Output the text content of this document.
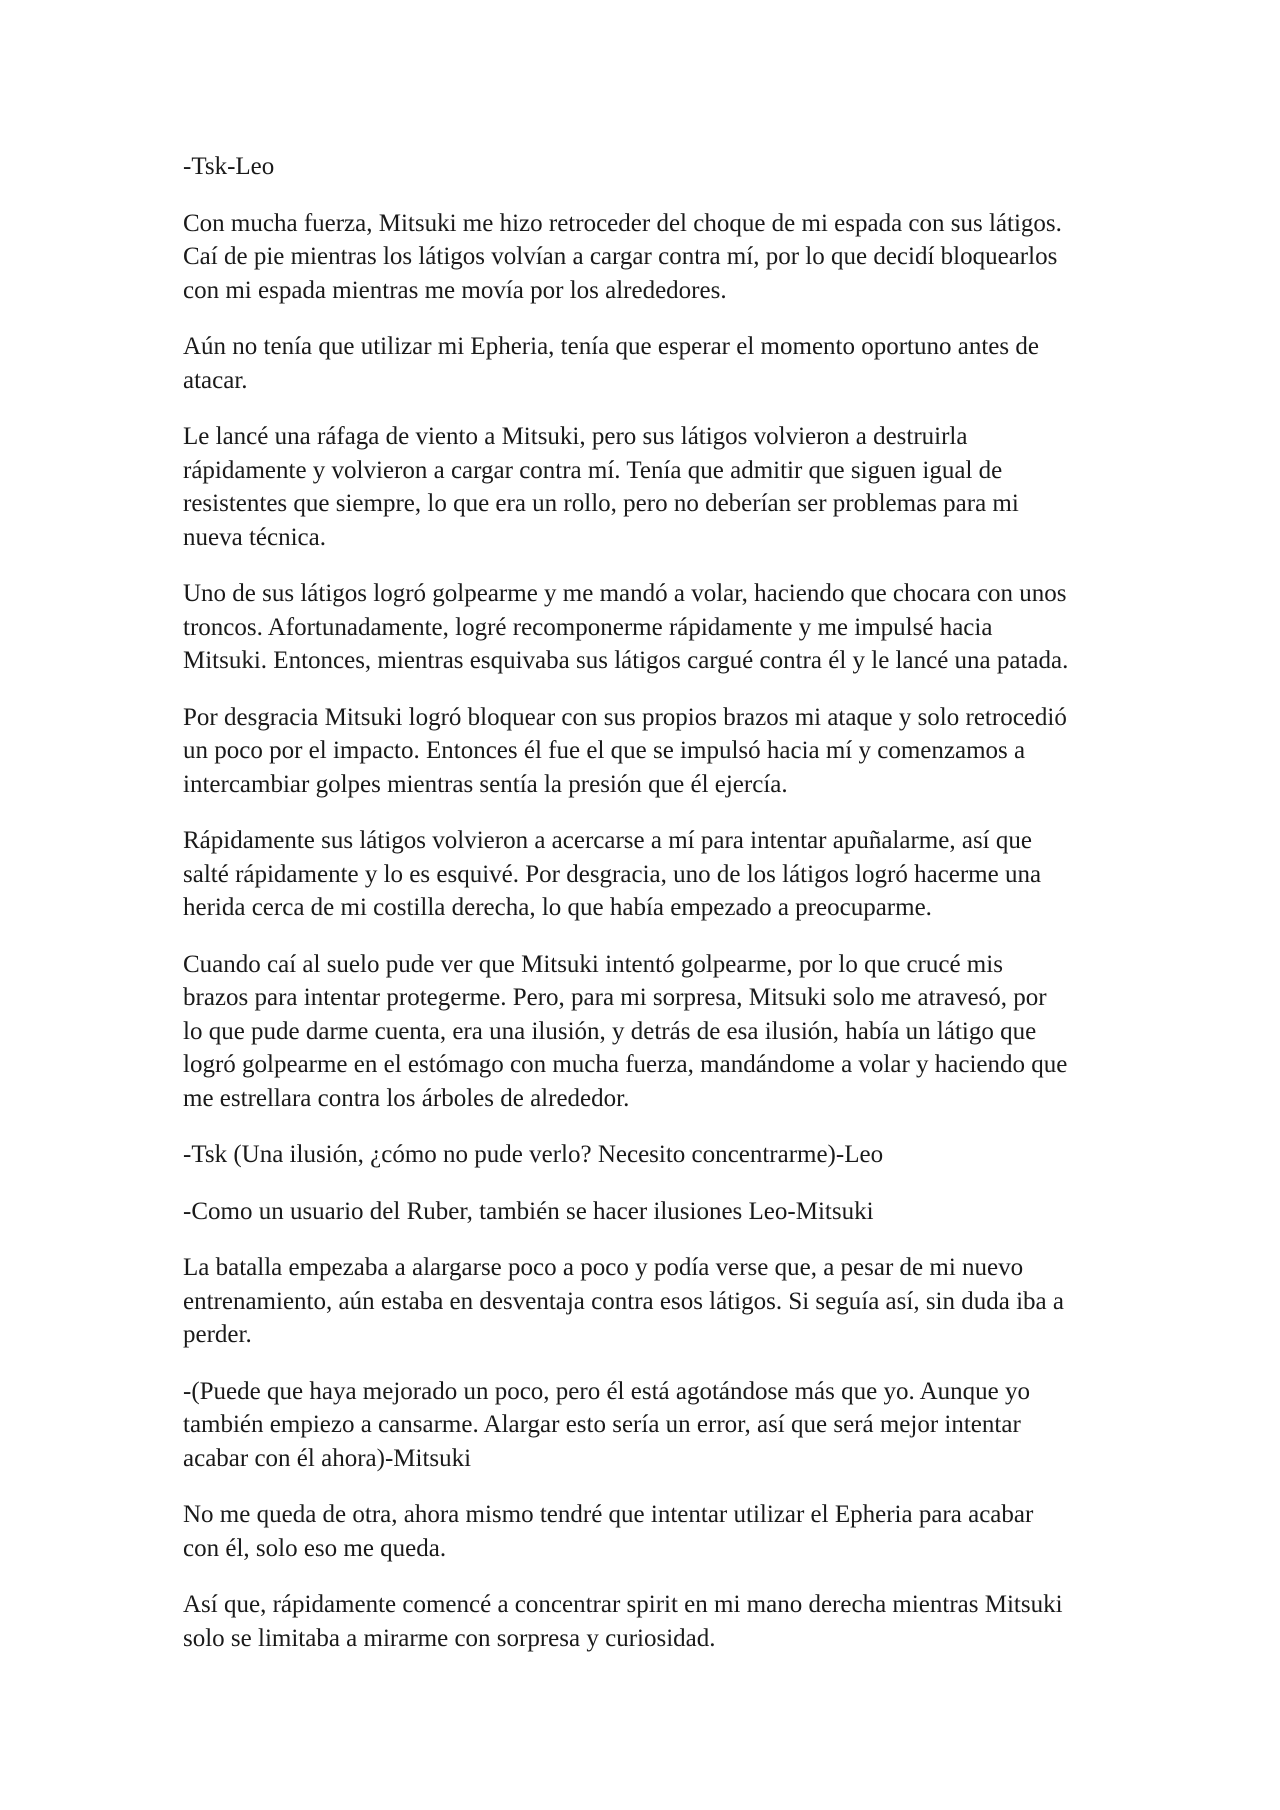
-Tsk-Leo

Con mucha fuerza, Mitsuki me hizo retroceder del choque de mi espada con sus látigos.
Caí de pie mientras los látigos volvían a cargar contra mí, por lo que decidí bloquearlos
con mi espada mientras me movía por los alrededores.

Aún no tenía que utilizar mi Epheria, tenía que esperar el momento oportuno antes de
atacar.

Le lancé una ráfaga de viento a Mitsuki, pero sus látigos volvieron a destruirla
rápidamente y volvieron a cargar contra mí. Tenía que admitir que siguen igual de
resistentes que siempre, lo que era un rollo, pero no deberían ser problemas para mi
nueva técnica.

Uno de sus látigos logró golpearme y me mandó a volar, haciendo que chocara con unos
troncos. Afortunadamente, logré recomponerme rápidamente y me impulsé hacia
Mitsuki. Entonces, mientras esquivaba sus látigos cargué contra él y le lancé una patada.

Por desgracia Mitsuki logró bloquear con sus propios brazos mi ataque y solo retrocedió
un poco por el impacto. Entonces él fue el que se impulsó hacia mí y comenzamos a
intercambiar golpes mientras sentía la presión que él ejercía.

Rápidamente sus látigos volvieron a acercarse a mí para intentar apuñalarme, así que
salté rápidamente y lo es esquivé. Por desgracia, uno de los látigos logró hacerme una
herida cerca de mi costilla derecha, lo que había empezado a preocuparme.

Cuando caí al suelo pude ver que Mitsuki intentó golpearme, por lo que crucé mis
brazos para intentar protegerme. Pero, para mi sorpresa, Mitsuki solo me atravesó, por
lo que pude darme cuenta, era una ilusión, y detrás de esa ilusión, había un látigo que
logró golpearme en el estómago con mucha fuerza, mandándome a volar y haciendo que
me estrellara contra los árboles de alrededor.

-Tsk (Una ilusión, ¿cómo no pude verlo? Necesito concentrarme)-Leo

-Como un usuario del Ruber, también se hacer ilusiones Leo-Mitsuki

La batalla empezaba a alargarse poco a poco y podía verse que, a pesar de mi nuevo
entrenamiento, aún estaba en desventaja contra esos látigos. Si seguía así, sin duda iba a
perder.

-(Puede que haya mejorado un poco, pero él está agotándose más que yo. Aunque yo
también empiezo a cansarme. Alargar esto sería un error, así que será mejor intentar
acabar con él ahora)-Mitsuki

No me queda de otra, ahora mismo tendré que intentar utilizar el Epheria para acabar
con él, solo eso me queda.

Así que, rápidamente comencé a concentrar spirit en mi mano derecha mientras Mitsuki
solo se limitaba a mirarme con sorpresa y curiosidad.
